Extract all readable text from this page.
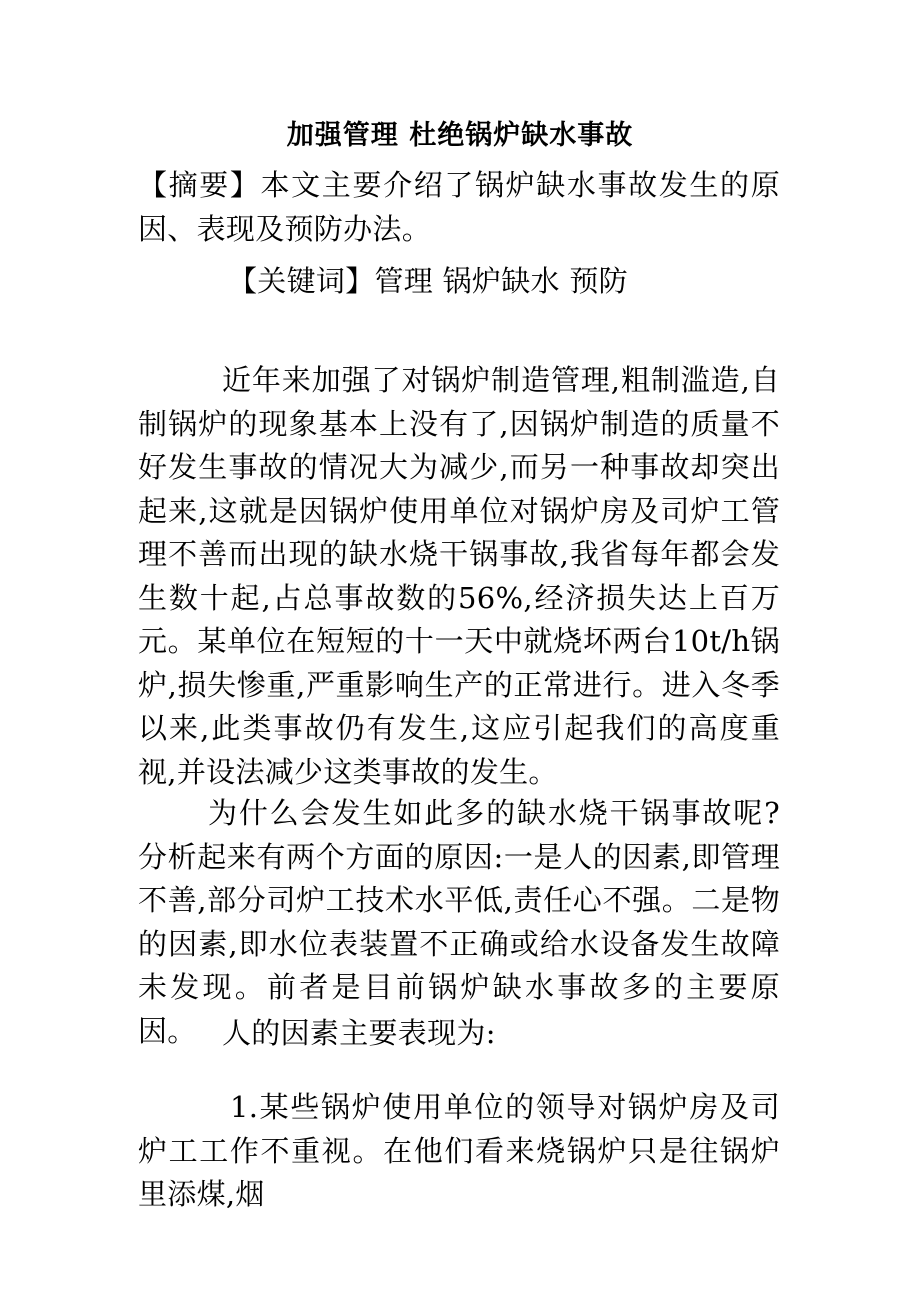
加强管理 杜绝锅炉缺水事故

【摘要】本文主要介绍了锅炉缺水事故发生的原因、表现及预防办法。

【关键词】管理 锅炉缺水 预防

近年来加强了对锅炉制造管理,粗制滥造,自制锅炉的现象基本上没有了,因锅炉制造的质量不好发生事故的情况大为减少,而另一种事故却突出起来,这就是因锅炉使用单位对锅炉房及司炉工管理不善而出现的缺水烧干锅事故,我省每年都会发生数十起,占总事故数的56%,经济损失达上百万元。某单位在短短的十一天中就烧坏两台10t/h锅炉,损失惨重,严重影响生产的正常进行。进入冬季以来,此类事故仍有发生,这应引起我们的高度重视,并设法减少这类事故的发生。

为什么会发生如此多的缺水烧干锅事故呢?分析起来有两个方面的原因:一是人的因素,即管理不善,部分司炉工技术水平低,责任心不强。二是物的因素,即水位表装置不正确或给水设备发生故障未发现。前者是目前锅炉缺水事故多的主要原因。 人的因素主要表现为:

1.某些锅炉使用单位的领导对锅炉房及司炉工工作不重视。在他们看来烧锅炉只是往锅炉里添煤,烟
